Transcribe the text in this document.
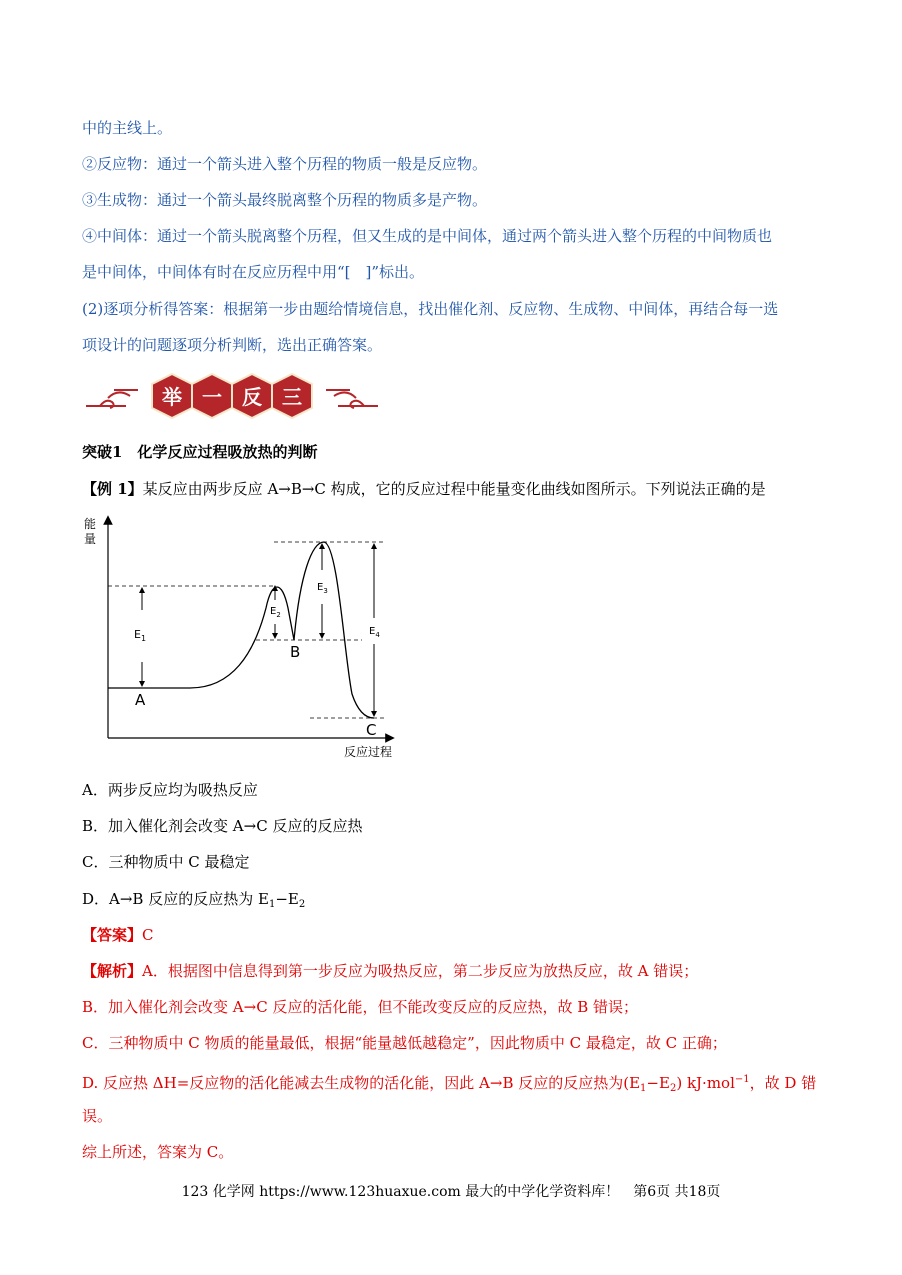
中的主线上。
②反应物：通过一个箭头进入整个历程的物质一般是反应物。
③生成物：通过一个箭头最终脱离整个历程的物质多是产物。
④中间体：通过一个箭头脱离整个历程，但又生成的是中间体，通过两个箭头进入整个历程的中间物质也
是中间体，中间体有时在反应历程中用“[　]”标出。
(2)逐项分析得答案：根据第一步由题给情境信息，找出催化剂、反应物、生成物、中间体，再结合每一选
项设计的问题逐项分析判断，选出正确答案。
举 一 反 三
突破1　化学反应过程吸放热的判断
【例 1】某反应由两步反应 A→B→C 构成，它的反应过程中能量变化曲线如图所示。下列说法正确的是
能
量
反应过程
$E_1$
$E_2$
$E_3$
$E_4$
A
B
C
A．两步反应均为吸热反应
B．加入催化剂会改变 A→C 反应的反应热
C．三种物质中 C 最稳定
D．A→B 反应的反应热为 $E_1-E_2$
【答案】C
【解析】A．根据图中信息得到第一步反应为吸热反应，第二步反应为放热反应，故 A 错误；
B．加入催化剂会改变 A→C 反应的活化能，但不能改变反应的反应热，故 B 错误；
C．三种物质中 C 物质的能量最低，根据“能量越低越稳定”，因此物质中 C 最稳定，故 C 正确；
D. 反应热 ΔH=反应物的活化能减去生成物的活化能，因此 A→B 反应的反应热为$(E_1-E_2)$ kJ·mol$^{-1}$，故 D 错
误。
综上所述，答案为 C。
123 化学网 https://www.123huaxue.com 最大的中学化学资料库！　第6页 共18页
